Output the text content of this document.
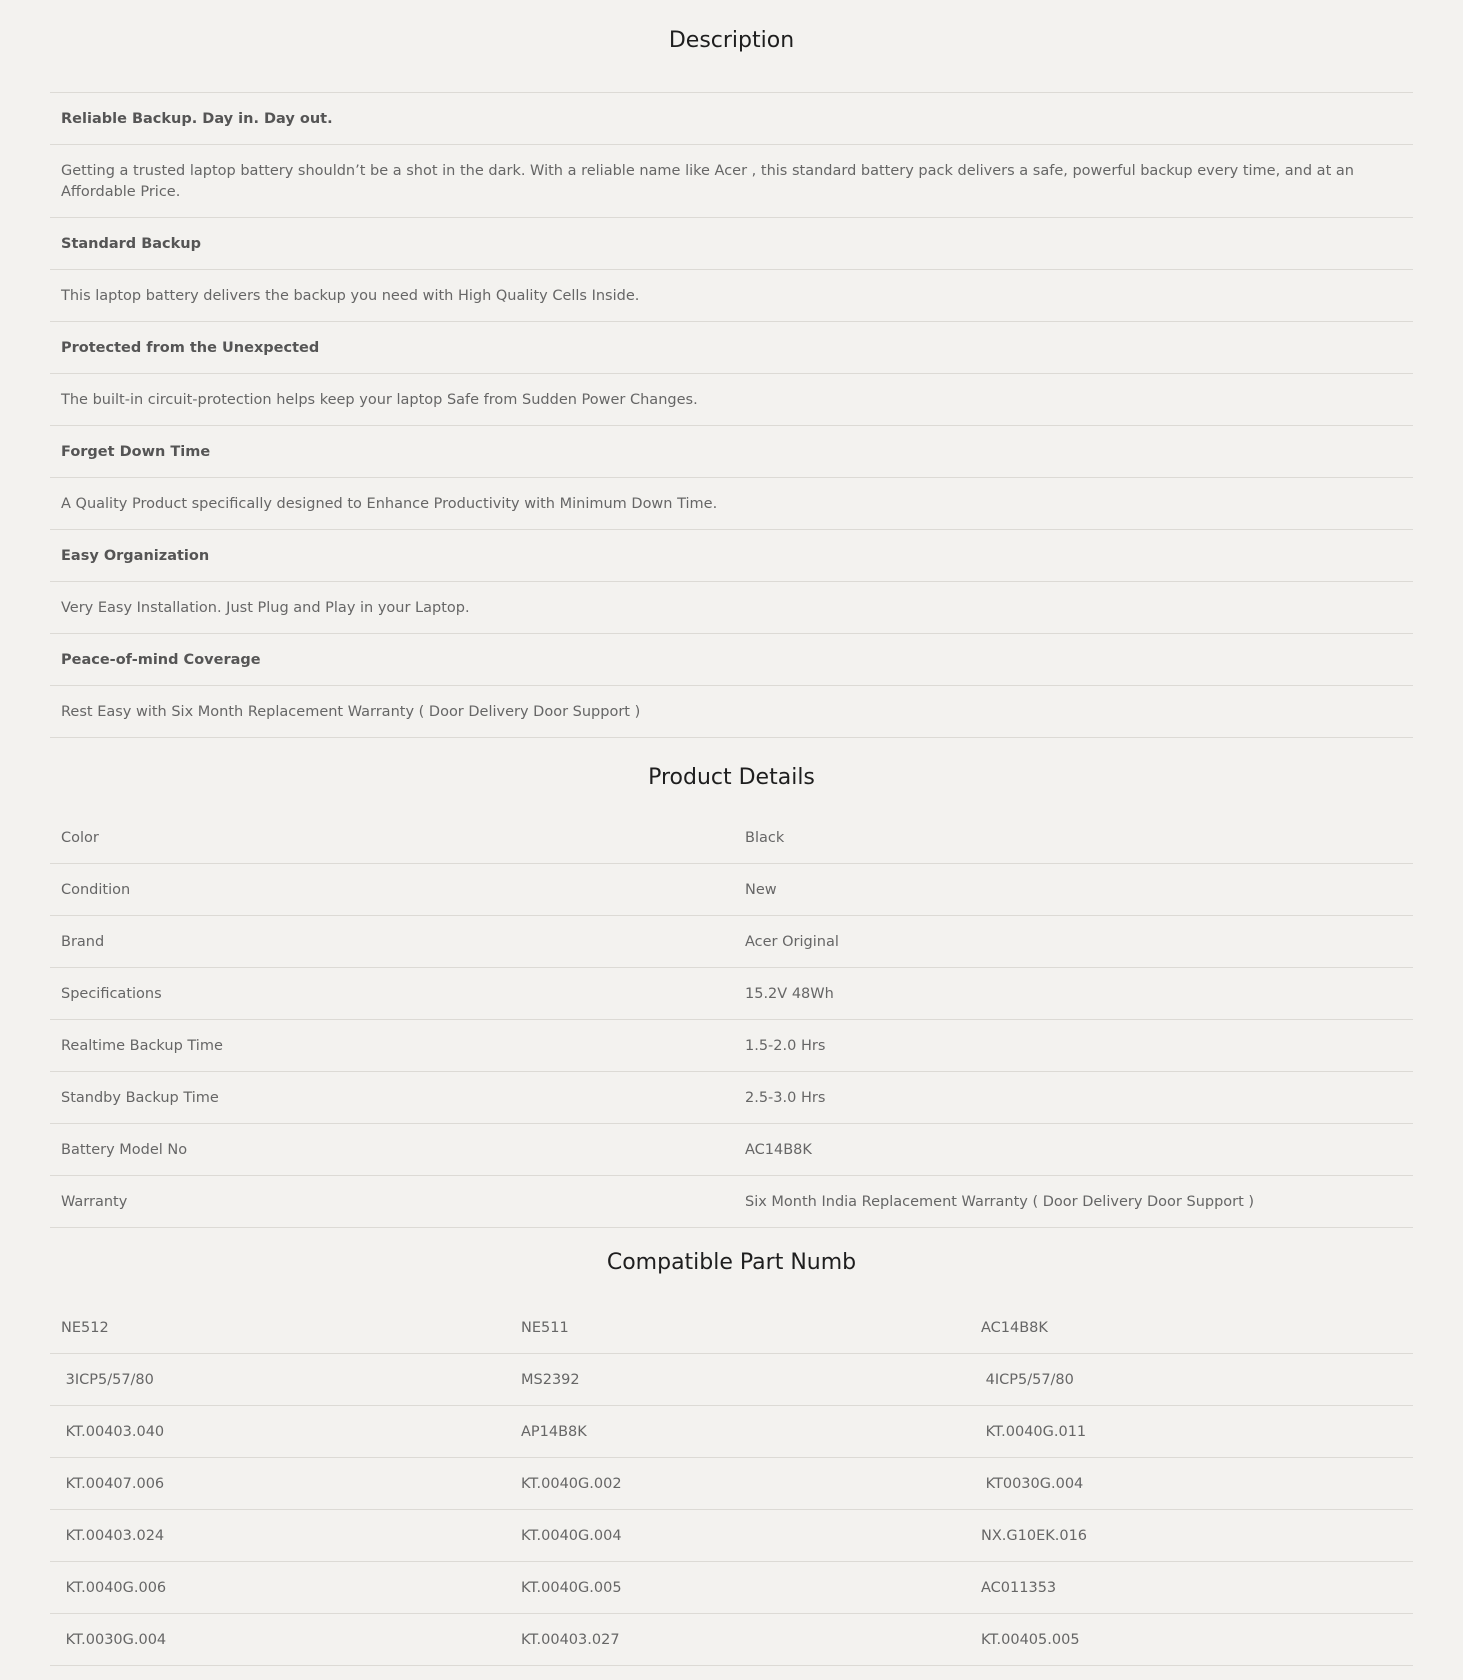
Description
Reliable Backup. Day in. Day out.
Getting a trusted laptop battery shouldn’t be a shot in the dark. With a reliable name like Acer , this standard battery pack delivers a safe, powerful backup every time, and at an Affordable Price.
Standard Backup
This laptop battery delivers the backup you need with High Quality Cells Inside.
Protected from the Unexpected
The built-in circuit-protection helps keep your laptop Safe from Sudden Power Changes.
Forget Down Time
A Quality Product specifically designed to Enhance Productivity with Minimum Down Time.
Easy Organization
Very Easy Installation. Just Plug and Play in your Laptop.
Peace-of-mind Coverage
Rest Easy with Six Month Replacement Warranty ( Door Delivery Door Support )
Product Details
Color	Black
Condition	New
Brand	Acer Original
Specifications	15.2V 48Wh
Realtime Backup Time	1.5-2.0 Hrs
Standby Backup Time	2.5-3.0 Hrs
Battery Model No	AC14B8K
Warranty	Six Month India Replacement Warranty ( Door Delivery Door Support )
Compatible Part Numb
NE512	NE511	AC14B8K
3ICP5/57/80	MS2392	4ICP5/57/80
KT.00403.040	AP14B8K	KT.0040G.011
KT.00407.006	KT.0040G.002	KT0030G.004
KT.00403.024	KT.0040G.004	NX.G10EK.016
KT.0040G.006	KT.0040G.005	AC011353
KT.0030G.004	KT.00403.027	KT.00405.005
